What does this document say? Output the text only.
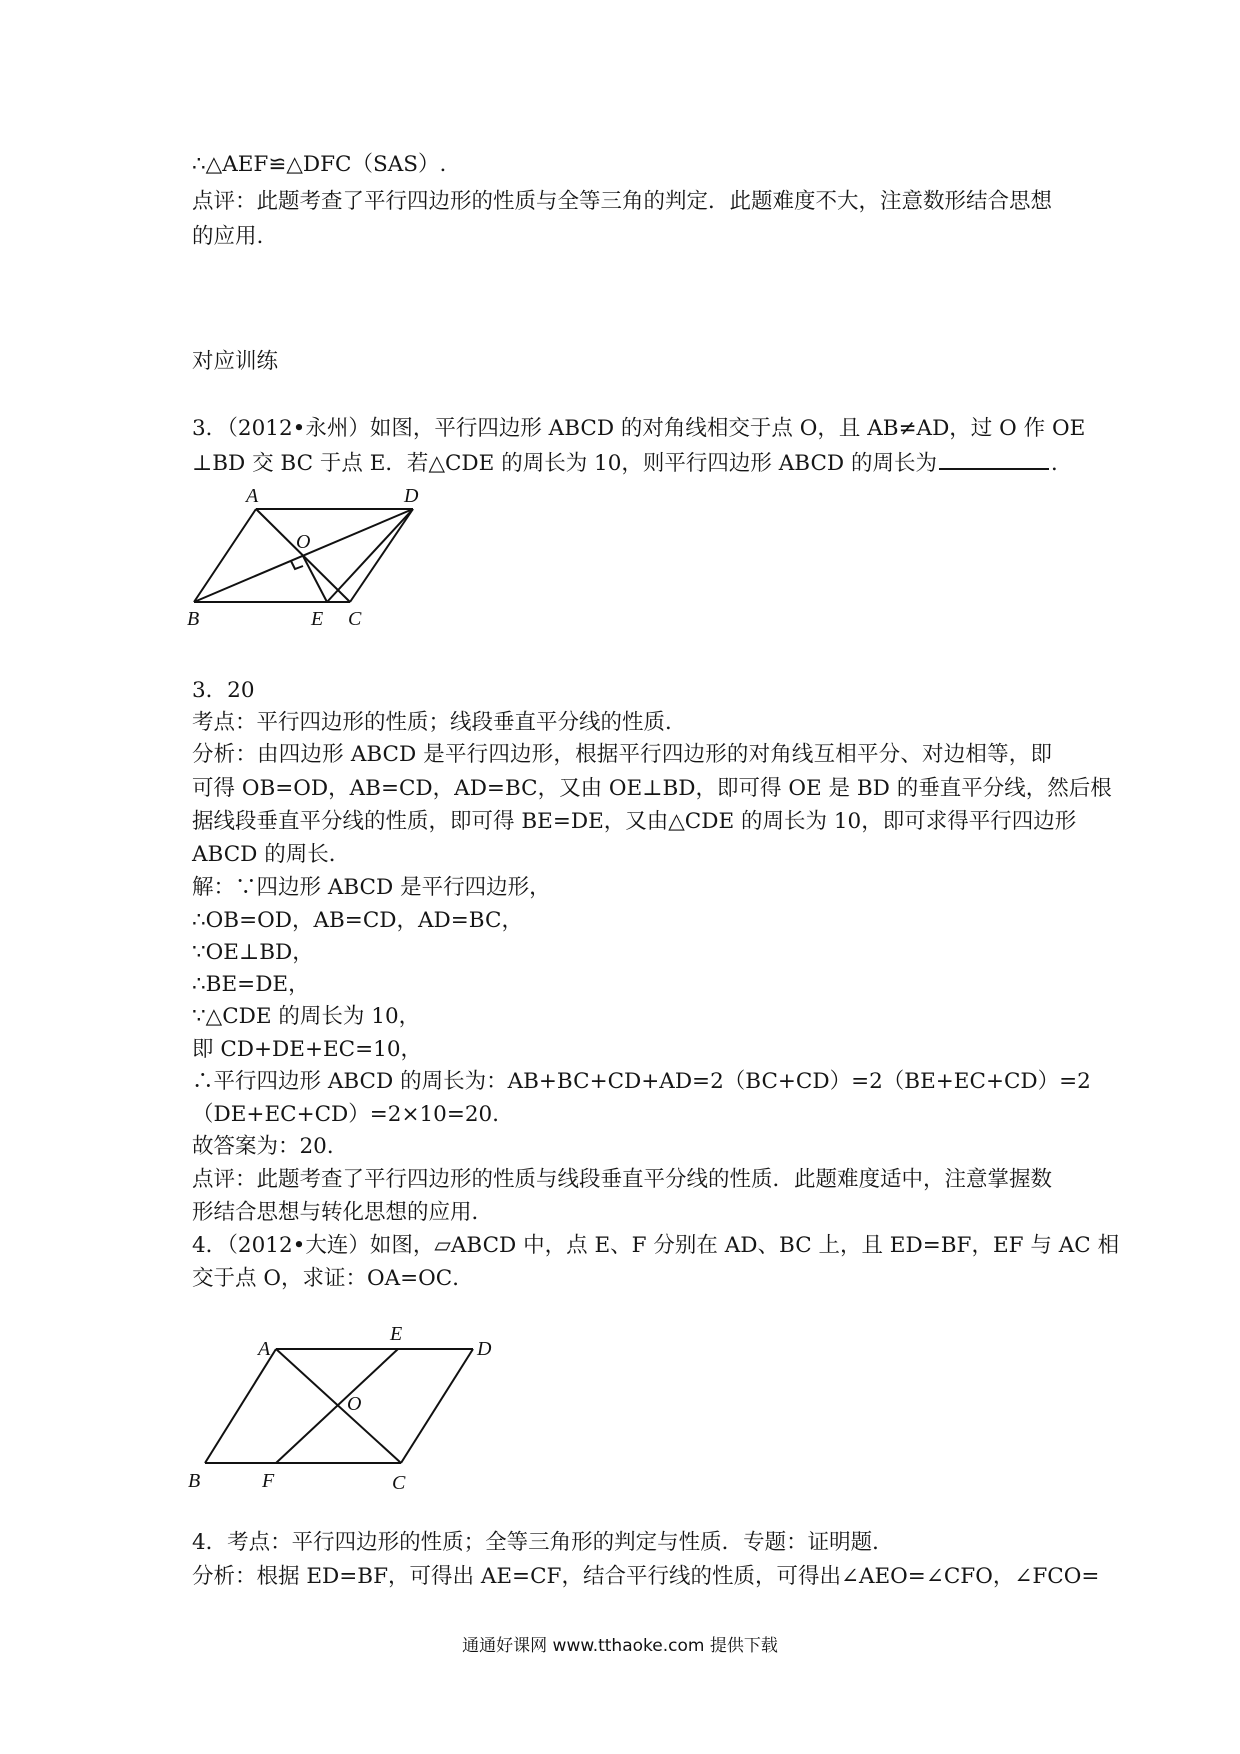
∴△AEF≌△DFC（SAS）.
点评：此题考查了平行四边形的性质与全等三角的判定．此题难度不大，注意数形结合思想
的应用.
对应训练
3．（2012•永州）如图，平行四边形 ABCD 的对角线相交于点 O，且 AB≠AD，过 O 作 OE
⊥BD 交 BC 于点 E．若△CDE 的周长为 10，则平行四边形 ABCD 的周长为	．
A	D
O
B	E C
3．20
考点：平行四边形的性质；线段垂直平分线的性质．
分析：由四边形 ABCD 是平行四边形，根据平行四边形的对角线互相平分、对边相等，即
可得 OB=OD，AB=CD，AD=BC，又由 OE⊥BD，即可得 OE 是 BD 的垂直平分线，然后根
据线段垂直平分线的性质，即可得 BE=DE，又由△CDE 的周长为 10，即可求得平行四边形
ABCD 的周长．
解：∵四边形 ABCD 是平行四边形，
∴OB=OD，AB=CD，AD=BC，
∵OE⊥BD，
∴BE=DE，
∵△CDE 的周长为 10，
即 CD+DE+EC=10，
∴平行四边形 ABCD 的周长为：AB+BC+CD+AD=2（BC+CD）=2（BE+EC+CD）=2
（DE+EC+CD）=2×10=20．
故答案为：20．
点评：此题考查了平行四边形的性质与线段垂直平分线的性质．此题难度适中，注意掌握数
形结合思想与转化思想的应用．
4．（2012•大连）如图，▱ABCD 中，点 E、F 分别在 AD、BC 上，且 ED=BF，EF 与 AC 相
交于点 O，求证：OA=OC．
A
E
D
O
B	F	C
4．考点：平行四边形的性质；全等三角形的判定与性质．专题：证明题．
分析：根据 ED=BF，可得出 AE=CF，结合平行线的性质，可得出∠AEO=∠CFO，∠FCO=
通通好课网 www.tthaoke.com 提供下载
